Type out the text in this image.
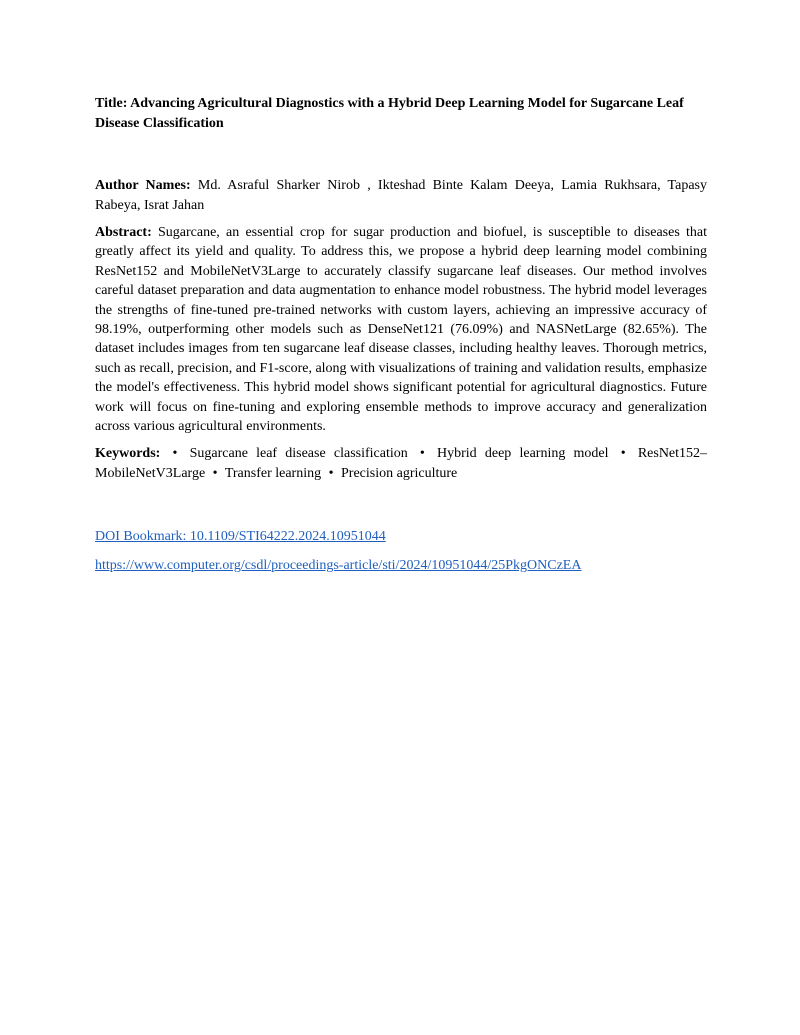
Title: Advancing Agricultural Diagnostics with a Hybrid Deep Learning Model for Sugarcane Leaf Disease Classification

Author Names: Md. Asraful Sharker Nirob , Ikteshad Binte Kalam Deeya, Lamia Rukhsara, Tapasy Rabeya, Israt Jahan
Abstract: Sugarcane, an essential crop for sugar production and biofuel, is susceptible to diseases that greatly affect its yield and quality. To address this, we propose a hybrid deep learning model combining ResNet152 and MobileNetV3Large to accurately classify sugarcane leaf diseases. Our method involves careful dataset preparation and data augmentation to enhance model robustness. The hybrid model leverages the strengths of fine-tuned pre-trained networks with custom layers, achieving an impressive accuracy of 98.19%, outperforming other models such as DenseNet121 (76.09%) and NASNetLarge (82.65%). The dataset includes images from ten sugarcane leaf disease classes, including healthy leaves. Thorough metrics, such as recall, precision, and F1-score, along with visualizations of training and validation results, emphasize the model's effectiveness. This hybrid model shows significant potential for agricultural diagnostics. Future work will focus on fine-tuning and exploring ensemble methods to improve accuracy and generalization across various agricultural environments.
Keywords: • Sugarcane leaf disease classification • Hybrid deep learning model • ResNet152–MobileNetV3Large • Transfer learning • Precision agriculture
DOI Bookmark: 10.1109/STI64222.2024.10951044
https://www.computer.org/csdl/proceedings-article/sti/2024/10951044/25PkgONCzEA
